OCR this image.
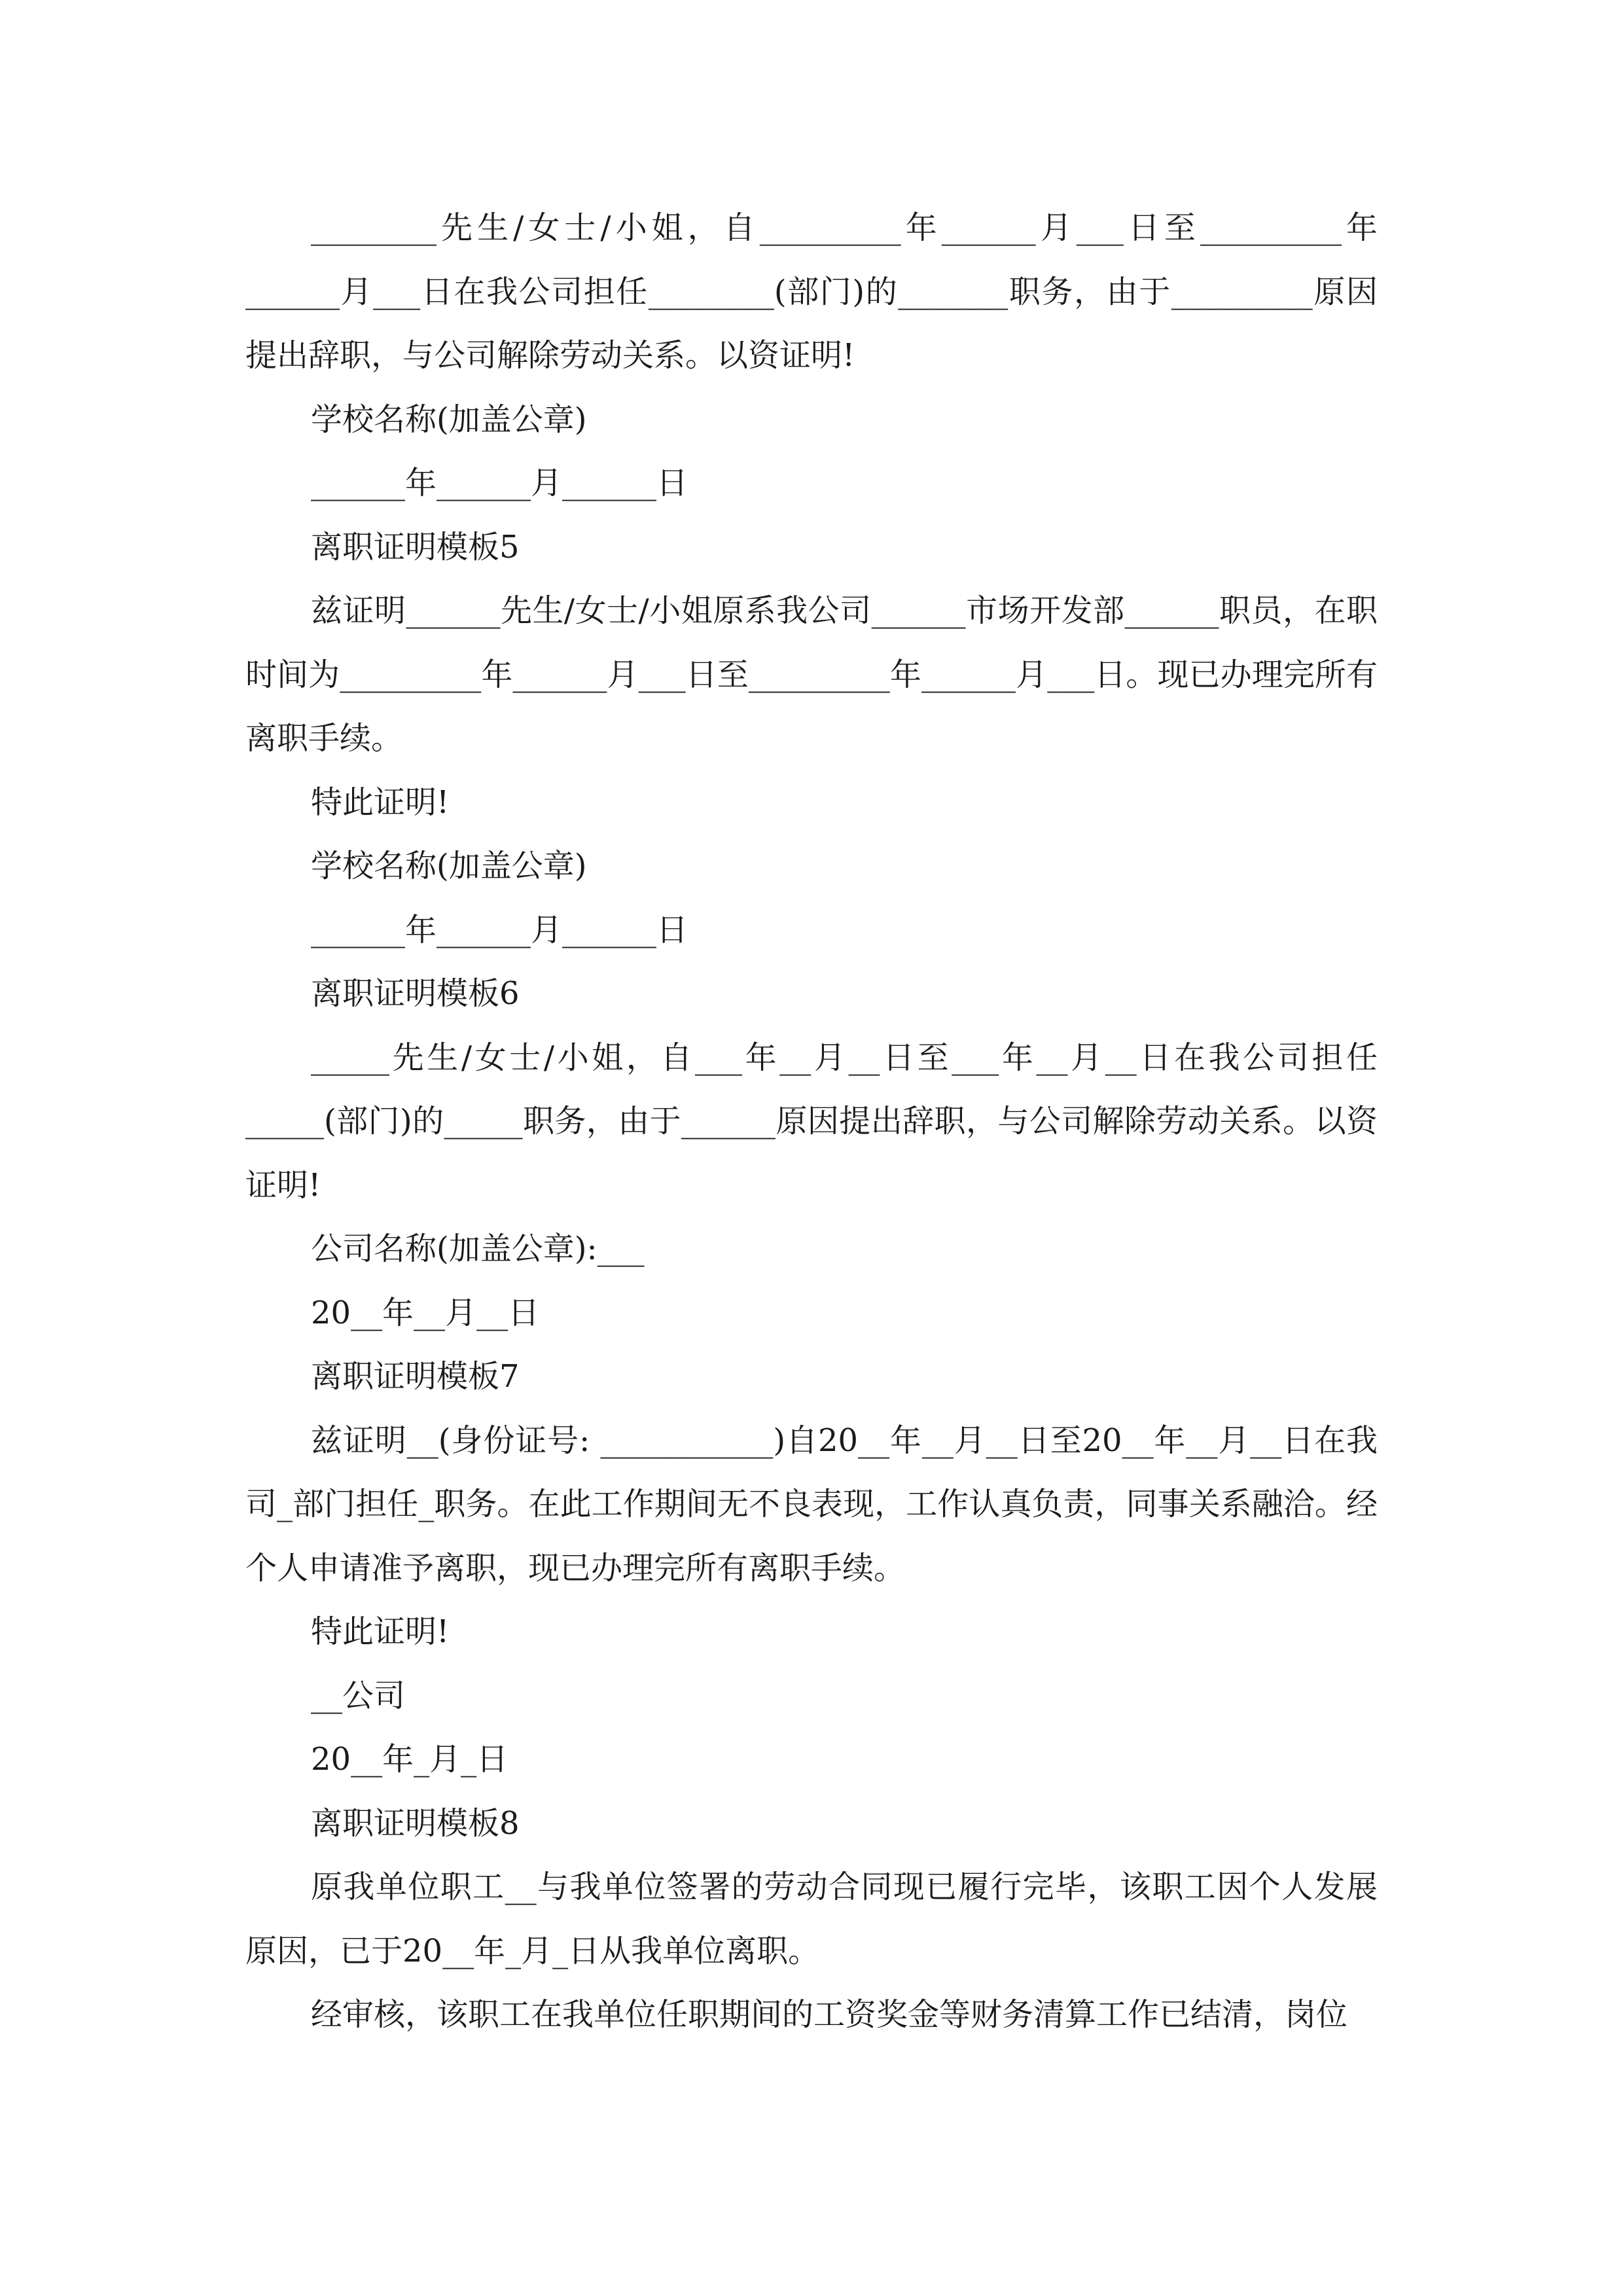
________先生/女士/小姐，自_________年______月___日至_________年______月___日在我公司担任________(部门)的_______职务，由于_________原因提出辞职，与公司解除劳动关系。以资证明!

学校名称(加盖公章)

______年______月______日

离职证明模板5

兹证明______先生/女士/小姐原系我公司______市场开发部______职员，在职时间为_________年______月___日至_________年______月___日。现已办理完所有离职手续。

特此证明!

学校名称(加盖公章)

______年______月______日

离职证明模板6

_____先生/女士/小姐，自___年__月__日至___年__月__日在我公司担任_____(部门)的_____职务，由于______原因提出辞职，与公司解除劳动关系。以资证明!

公司名称(加盖公章):___

20__年__月__日

离职证明模板7

兹证明__(身份证号: ___________)自20__年__月__日至20__年__月__日在我司_部门担任_职务。在此工作期间无不良表现，工作认真负责，同事关系融洽。经个人申请准予离职，现已办理完所有离职手续。

特此证明!

__公司

20__年_月_日

离职证明模板8

原我单位职工__与我单位签署的劳动合同现已履行完毕，该职工因个人发展原因，已于20__年_月_日从我单位离职。

经审核，该职工在我单位任职期间的工资奖金等财务清算工作已结清，岗位
